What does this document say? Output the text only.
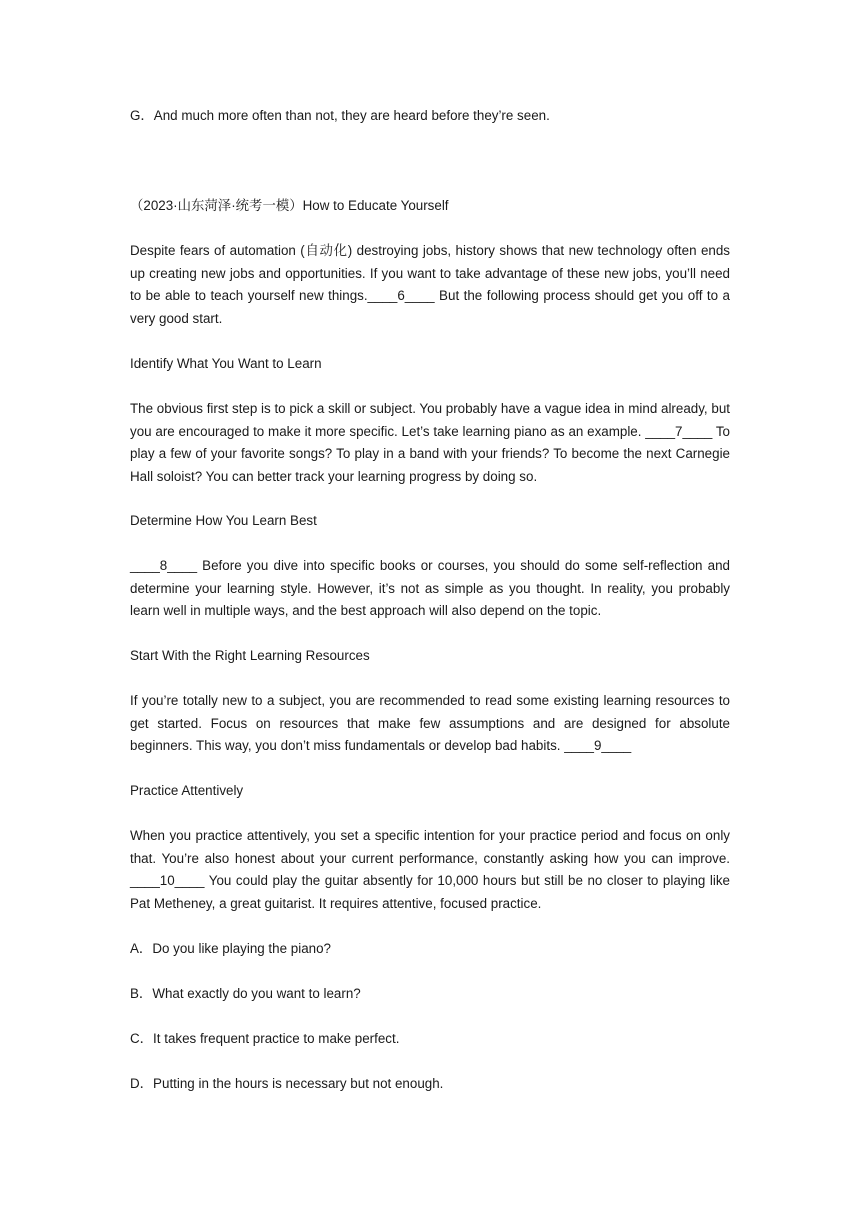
G．And much more often than not, they are heard before they’re seen.

（2023·山东菏泽·统考一模）How to Educate Yourself

Despite fears of automation (自动化) destroying jobs, history shows that new technology often ends up creating new jobs and opportunities. If you want to take advantage of these new jobs, you’ll need to be able to teach yourself new things.____6____ But the following process should get you off to a very good start.

Identify What You Want to Learn

The obvious first step is to pick a skill or subject. You probably have a vague idea in mind already, but you are encouraged to make it more specific. Let’s take learning piano as an example. ____7____ To play a few of your favorite songs? To play in a band with your friends? To become the next Carnegie Hall soloist? You can better track your learning progress by doing so.

Determine How You Learn Best

____8____ Before you dive into specific books or courses, you should do some self-reflection and determine your learning style. However, it’s not as simple as you thought. In reality, you probably learn well in multiple ways, and the best approach will also depend on the topic.

Start With the Right Learning Resources

If you’re totally new to a subject, you are recommended to read some existing learning resources to get started. Focus on resources that make few assumptions and are designed for absolute beginners. This way, you don’t miss fundamentals or develop bad habits. ____9____

Practice Attentively

When you practice attentively, you set a specific intention for your practice period and focus on only that. You’re also honest about your current performance, constantly asking how you can improve. ____10____ You could play the guitar absently for 10,000 hours but still be no closer to playing like Pat Metheney, a great guitarist. It requires attentive, focused practice.

A．Do you like playing the piano?

B．What exactly do you want to learn?

C．It takes frequent practice to make perfect.

D．Putting in the hours is necessary but not enough.
